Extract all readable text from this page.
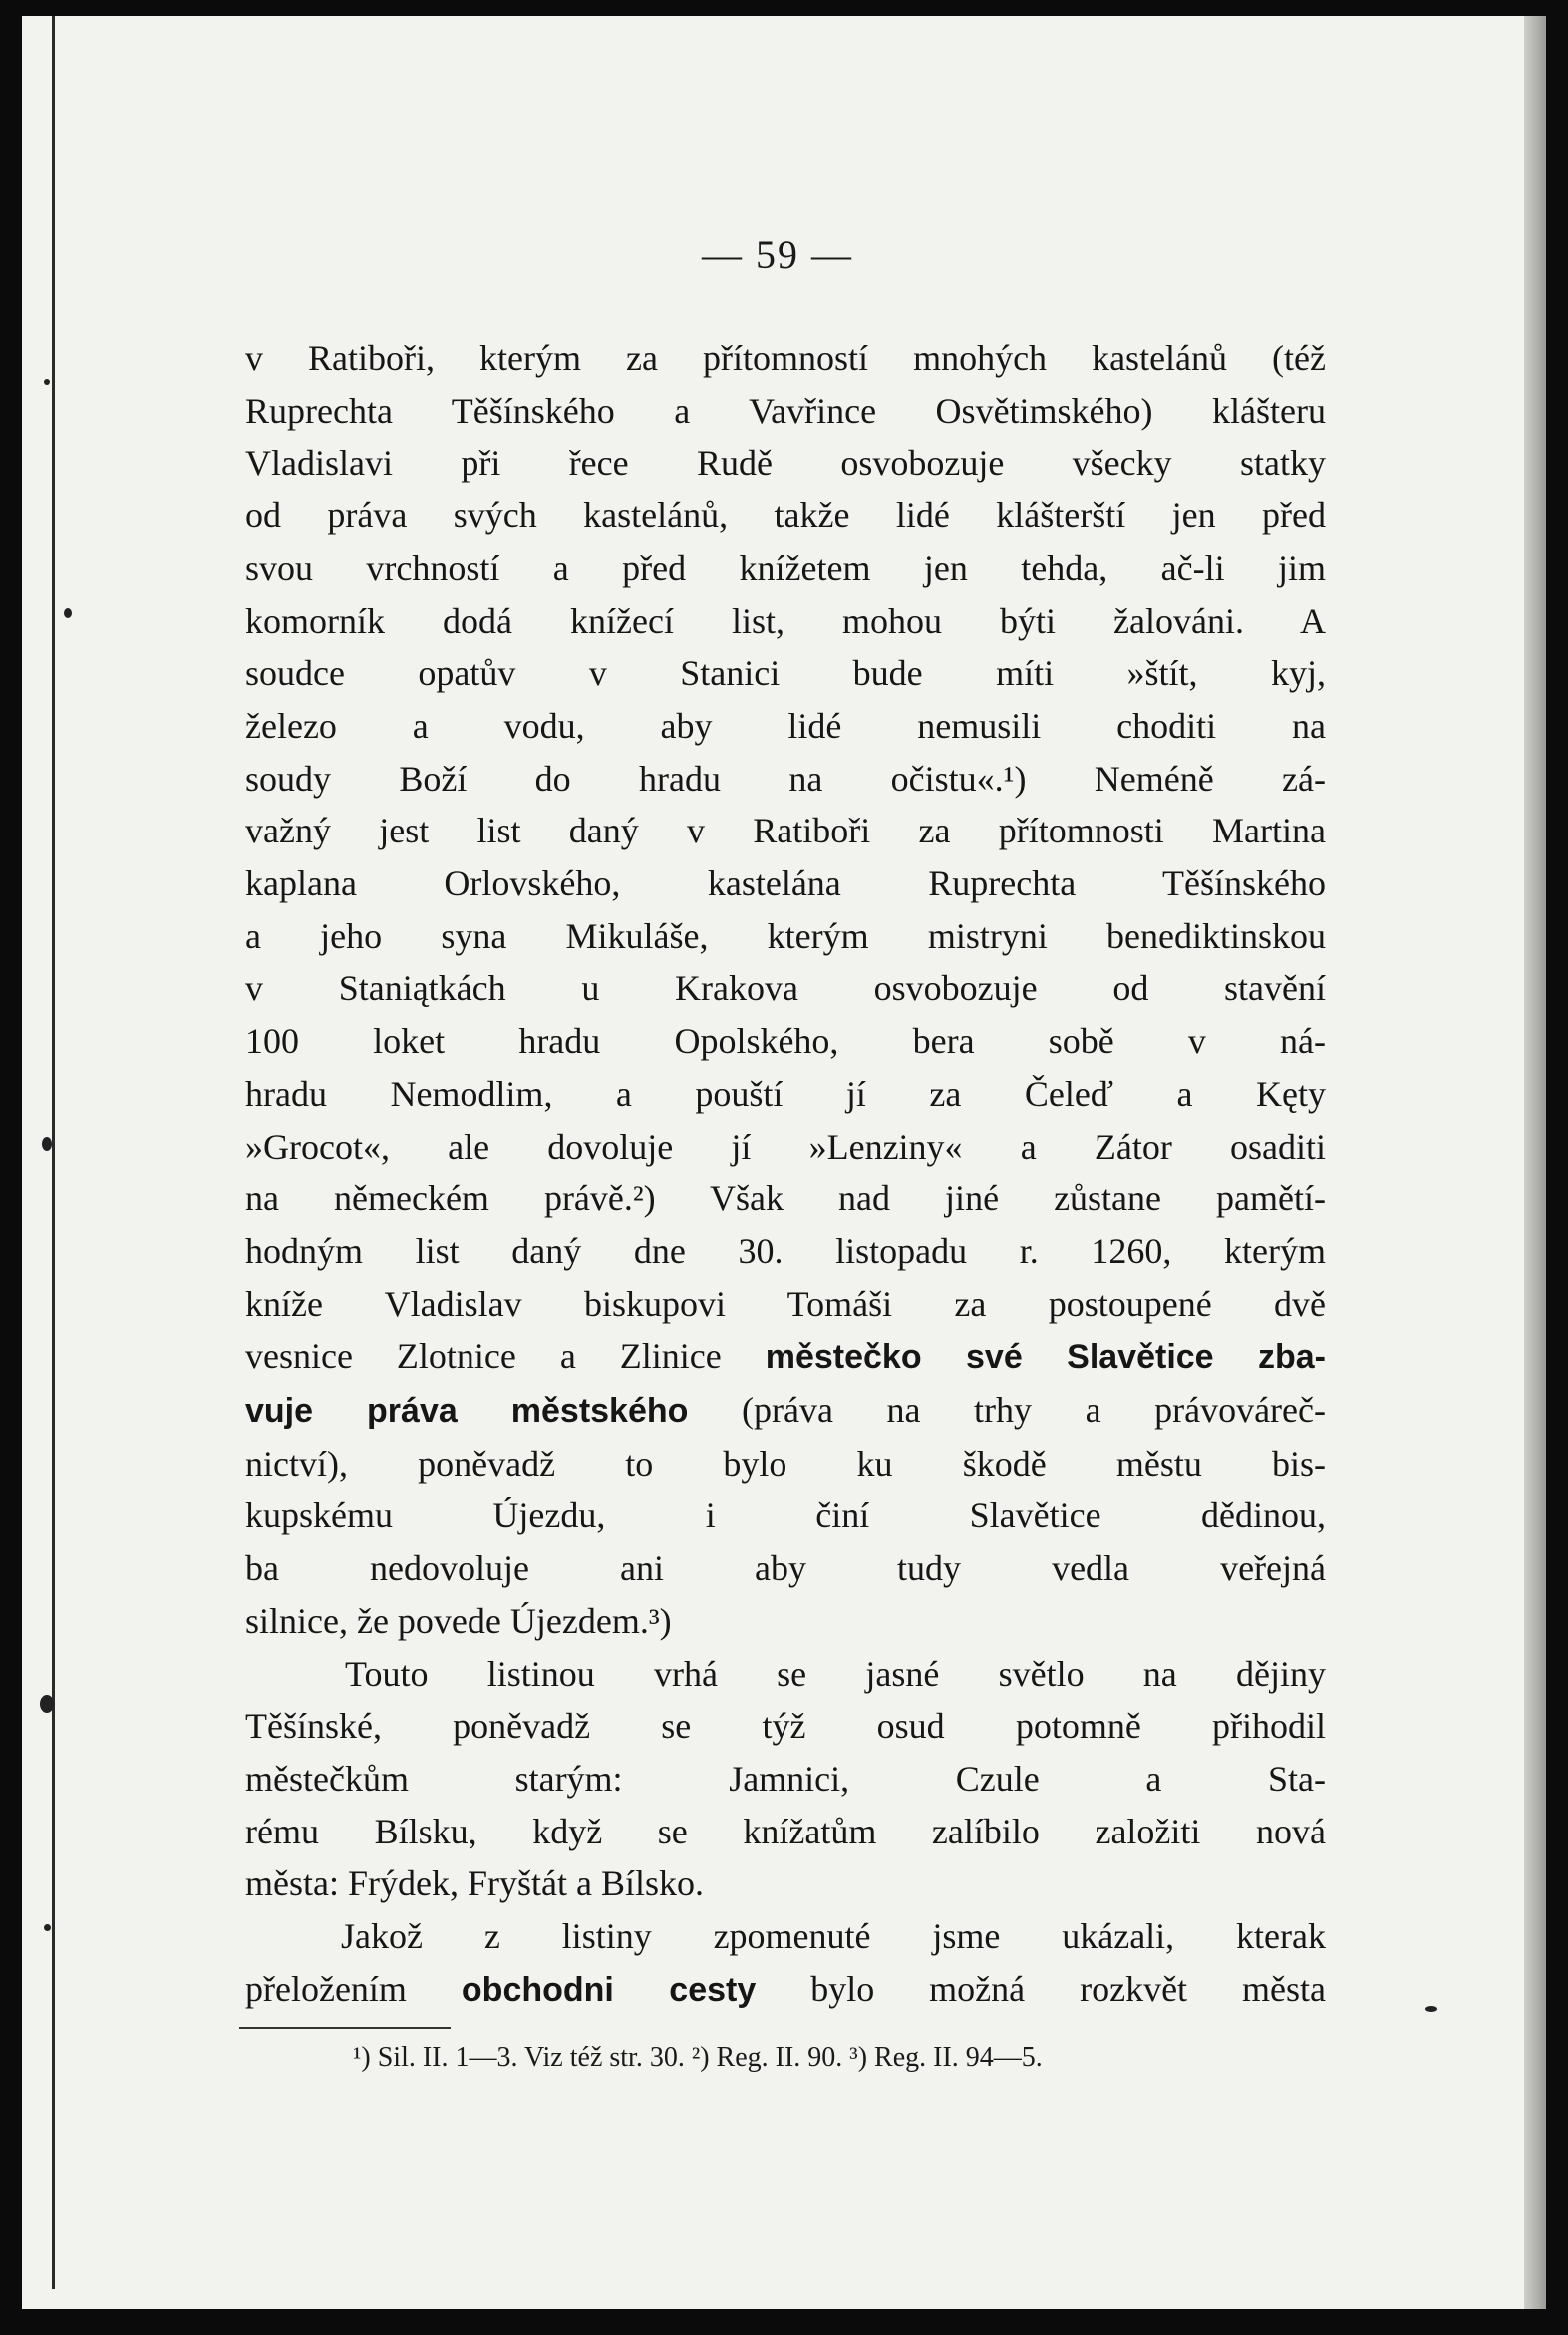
— 59 —
v Ratiboři, kterým za přítomností mnohých kastelánů (též
Ruprechta Těšínského a Vavřince Osvětimského) klášteru
Vladislavi při řece Rudě osvobozuje všecky statky
od práva svých kastelánů, takže lidé klášterští jen před
svou vrchností a před knížetem jen tehda, ač-li jim
komorník dodá knížecí list, mohou býti žalováni. A
soudce opatův v Stanici bude míti »štít, kyj,
železo a vodu, aby lidé nemusili choditi na
soudy Boží do hradu na očistu«.¹) Neméně zá-
važný jest list daný v Ratiboři za přítomnosti Martina
kaplana Orlovského, kastelána Ruprechta Těšínského
a jeho syna Mikuláše, kterým mistryni benediktinskou
v Staniątkách u Krakova osvobozuje od stavění
100 loket hradu Opolského, bera sobě v ná-
hradu Nemodlim, a pouští jí za Čeleď a Kęty
»Grocot«, ale dovoluje jí »Lenziny« a Zátor osaditi
na německém právě.²) Však nad jiné zůstane pamětí-
hodným list daný dne 30. listopadu r. 1260, kterým
kníže Vladislav biskupovi Tomáši za postoupené dvě
vesnice Zlotnice a Zlinice městečko své Slavětice zba-
vuje práva městského (práva na trhy a právováreč-
nictví), poněvadž to bylo ku škodě městu bis-
kupskému Újezdu, i činí Slavětice dědinou,
ba nedovoluje ani aby tudy vedla veřejná
silnice, že povede Újezdem.³)
Touto listinou vrhá se jasné světlo na dějiny
Těšínské, poněvadž se týž osud potomně přihodil
městečkům starým: Jamnici, Czule a Sta-
rému Bílsku, když se knížatům zalíbilo založiti nová
města: Frýdek, Fryštát a Bílsko.
Jakož z listiny zpomenuté jsme ukázali, kterak
přeložením obchodni cesty bylo možná rozkvět města
¹) Sil. II. 1—3. Viz též str. 30. ²) Reg. II. 90. ³) Reg. II. 94—5.
